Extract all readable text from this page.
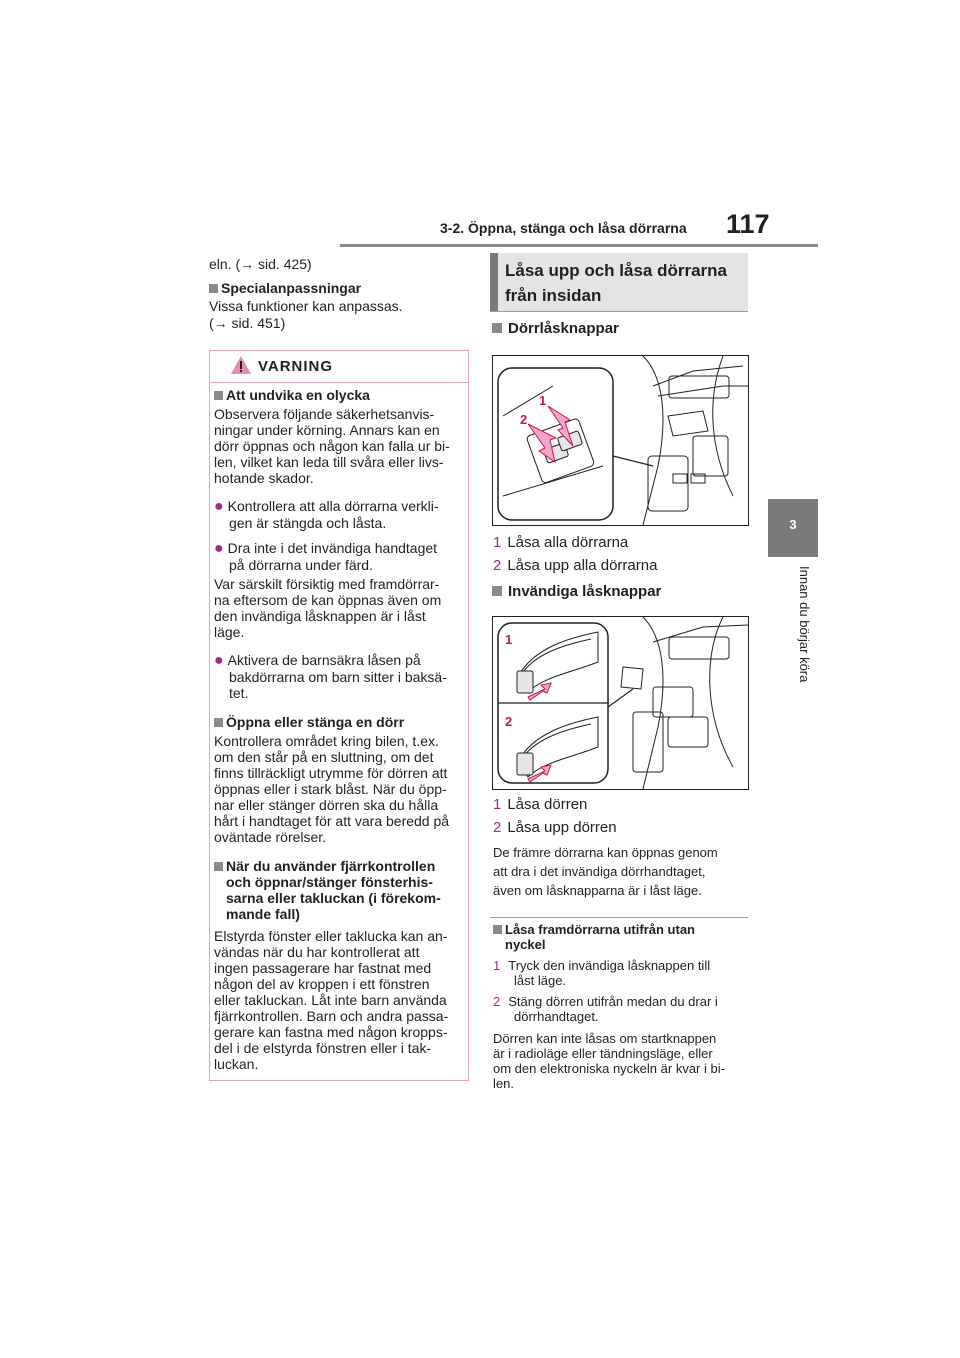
3-2. Öppna, stänga och låsa dörrarna 117
3
Innan du börjar köra
eln. (→ sid. 425)
Specialanpassningar
Vissa funktioner kan anpassas.
(→ sid. 451)
VARNING
Att undvika en olycka
Observera följande säkerhetsanvis-
ningar under körning. Annars kan en
dörr öppnas och någon kan falla ur bi-
len, vilket kan leda till svåra eller livs-
hotande skador.
● Kontrollera att alla dörrarna verkli-
gen är stängda och låsta.
● Dra inte i det invändiga handtaget
på dörrarna under färd.
Var särskilt försiktig med framdörrar-
na eftersom de kan öppnas även om
den invändiga låsknappen är i låst
läge.
● Aktivera de barnsäkra låsen på
bakdörrarna om barn sitter i baksä-
tet.
Öppna eller stänga en dörr
Kontrollera området kring bilen, t.ex.
om den står på en sluttning, om det
finns tillräckligt utrymme för dörren att
öppnas eller i stark blåst. När du öpp-
nar eller stänger dörren ska du hålla
hårt i handtaget för att vara beredd på
oväntade rörelser.
När du använder fjärrkontrollen
och öppnar/stänger fönsterhis-
sarna eller takluckan (i förekom-
mande fall)
Elstyrda fönster eller taklucka kan an-
vändas när du har kontrollerat att
ingen passagerare har fastnat med
någon del av kroppen i ett fönstren
eller takluckan. Låt inte barn använda
fjärrkontrollen. Barn och andra passa-
gerare kan fastna med någon kropps-
del i de elstyrda fönstren eller i tak-
luckan.
Låsa upp och låsa dörrarna
från insidan
Dörrlåsknappar
1
2
1 Låsa alla dörrarna
2 Låsa upp alla dörrarna
Invändiga låsknappar
1
2
1 Låsa dörren
2 Låsa upp dörren
De främre dörrarna kan öppnas genom
att dra i det invändiga dörrhandtaget,
även om låsknapparna är i låst läge.
Låsa framdörrarna utifrån utan
nyckel
1 Tryck den invändiga låsknappen till
låst läge.
2 Stäng dörren utifrån medan du drar i
dörrhandtaget.
Dörren kan inte låsas om startknappen
är i radioläge eller tändningsläge, eller
om den elektroniska nyckeln är kvar i bi-
len.
